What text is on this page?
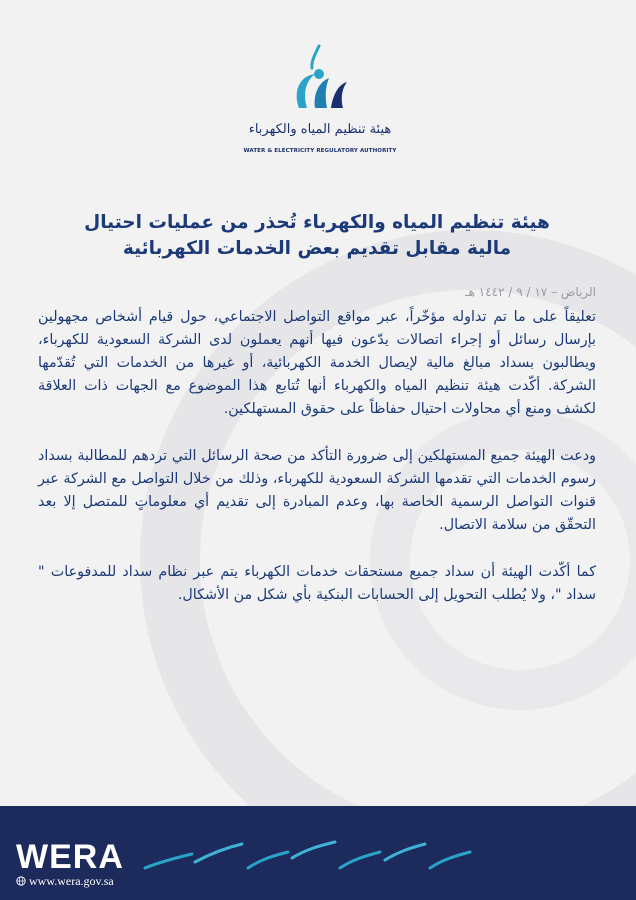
هيئة تنظيم المياه والكهرباء
WATER & ELECTRICITY REGULATORY AUTHORITY
هيئة تنظيم المياه والكهرباء تُحذر من عمليات احتيال
مالية مقابل تقديم بعض الخدمات الكهربائية
الرياض – ١٧ / ٩ / ١٤٤٢ هـ

تعليقاً على ما تم تداوله مؤخّراً، عبر مواقع التواصل الاجتماعي، حول قيام أشخاص مجهولين بإرسال رسائل أو إجراء اتصالات يدّعون فيها أنهم يعملون لدى الشركة السعودية للكهرباء، ويطالبون بسداد مبالغ مالية لإيصال الخدمة الكهربائية، أو غيرها من الخدمات التي تُقدّمها الشركة. أكّدت هيئة تنظيم المياه والكهرباء أنها تُتابع هذا الموضوع مع الجهات ذات العلاقة لكشف ومنع أي محاولات احتيال حفاظاً على حقوق المستهلكين.

ودعت الهيئة جميع المستهلكين إلى ضرورة التأكد من صحة الرسائل التي تردهم للمطالبة بسداد رسوم الخدمات التي تقدمها الشركة السعودية للكهرباء، وذلك من خلال التواصل مع الشركة عبر قنوات التواصل الرسمية الخاصة بها، وعدم المبادرة إلى تقديم أي معلوماتٍ للمتصل إلا بعد التحقّق من سلامة الاتصال.

كما أكّدت الهيئة أن سداد جميع مستحقات خدمات الكهرباء يتم عبر نظام سداد للمدفوعات " سداد "، ولا يُطلب التحويل إلى الحسابات البنكية بأي شكل من الأشكال.

WERA
www.wera.gov.sa
